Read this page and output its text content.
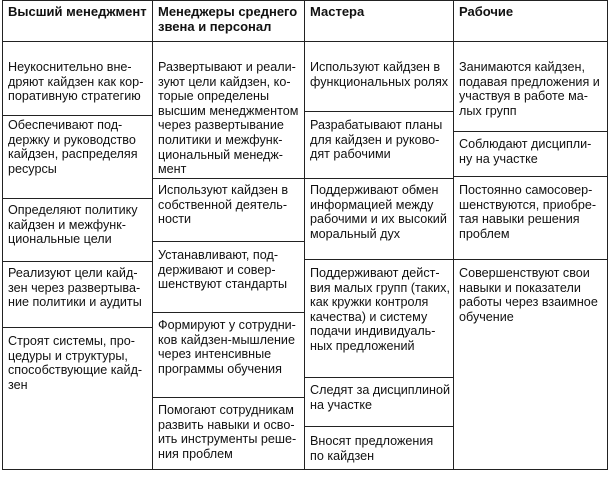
Высший менеджмент
Неукоснительно вне-
дряют кайдзен как кор-
поративную стратегию
Обеспечивают под-
держку и руководство
кайдзен, распределяя
ресурсы
Определяют политику
кайдзен и межфунк-
циональные цели
Реализуют цели кайд-
зен через развертыва-
ние политики и аудиты
Строят системы, про-
цедуры и структуры,
способствующие кайд-
зен
Менеджеры среднего звена и персонал
Развертывают и реали-
зуют цели кайдзен, ко-
торые определены
высшим менеджментом
через развертывание
политики и межфунк-
циональный менедж-
мент
Используют кайдзен в
собственной деятель-
ности
Устанавливают, под-
держивают и совер-
шенствуют стандарты
Формируют у сотрудни-
ков кайдзен-мышление
через интенсивные
программы обучения
Помогают сотрудникам
развить навыки и осво-
ить инструменты реше-
ния проблем
Мастера
Используют кайдзен в
функциональных ролях
Разрабатывают планы
для кайдзен и руково-
дят рабочими
Поддерживают обмен
информацией между
рабочими и их высокий
моральный дух
Поддерживают дейст-
вия малых групп (таких,
как кружки контроля
качества) и систему
подачи индивидуаль-
ных предложений
Следят за дисциплиной
на участке
Вносят предложения
по кайдзен
Рабочие
Занимаются кайдзен,
подавая предложения и
участвуя в работе ма-
лых групп
Соблюдают дисципли-
ну на участке
Постоянно самосовер-
шенствуются, приобре-
тая навыки решения
проблем
Совершенствуют свои
навыки и показатели
работы через взаимное
обучение
